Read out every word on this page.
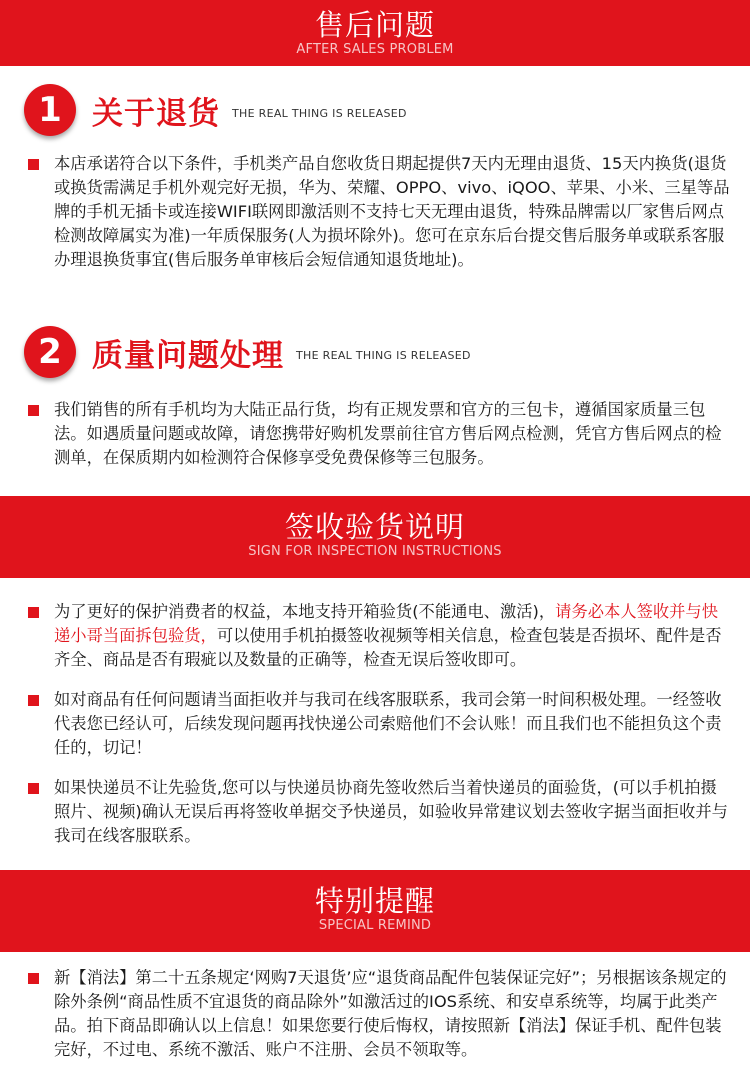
售后问题
AFTER SALES PROBLEM
1 关于退货 THE REAL THING IS RELEASED
本店承诺符合以下条件，手机类产品自您收货日期起提供7天内无理由退货、15天内换货(退货或换货需满足手机外观完好无损，华为、荣耀、OPPO、vivo、iQOO、苹果、小米、三星等品牌的手机无插卡或连接WIFI联网即激活则不支持七天无理由退货，特殊品牌需以厂家售后网点检测故障属实为准)一年质保服务(人为损坏除外)。您可在京东后台提交售后服务单或联系客服办理退换货事宜(售后服务单审核后会短信通知退货地址)。
2 质量问题处理 THE REAL THING IS RELEASED
我们销售的所有手机均为大陆正品行货，均有正规发票和官方的三包卡，遵循国家质量三包法。如遇质量问题或故障，请您携带好购机发票前往官方售后网点检测，凭官方售后网点的检测单，在保质期内如检测符合保修享受免费保修等三包服务。
签收验货说明
SIGN FOR INSPECTION INSTRUCTIONS
为了更好的保护消费者的权益，本地支持开箱验货(不能通电、激活)，请务必本人签收并与快递小哥当面拆包验货，可以使用手机拍摄签收视频等相关信息，检查包装是否损坏、配件是否齐全、商品是否有瑕疵以及数量的正确等，检查无误后签收即可。
如对商品有任何问题请当面拒收并与我司在线客服联系，我司会第一时间积极处理。一经签收代表您已经认可，后续发现问题再找快递公司索赔他们不会认账！而且我们也不能担负这个责任的，切记！
如果快递员不让先验货,您可以与快递员协商先签收然后当着快递员的面验货，(可以手机拍摄照片、视频)确认无误后再将签收单据交予快递员，如验收异常建议划去签收字据当面拒收并与我司在线客服联系。
特别提醒
SPECIAL REMIND
新【消法】第二十五条规定‘网购7天退货’应“退货商品配件包装保证完好”；另根据该条规定的除外条例“商品性质不宜退货的商品除外”如激活过的IOS系统、和安卓系统等，均属于此类产品。拍下商品即确认以上信息！如果您要行使后悔权，请按照新【消法】保证手机、配件包装完好，不过电、系统不激活、账户不注册、会员不领取等。
